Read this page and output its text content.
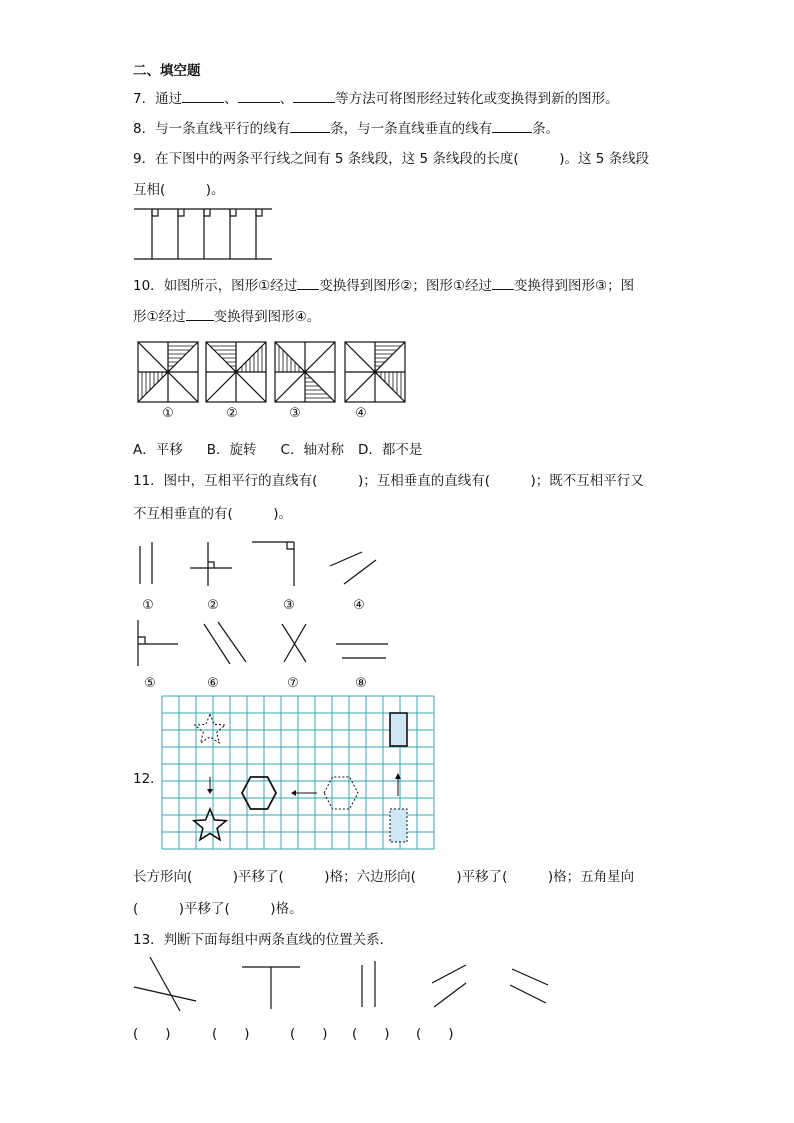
二、填空题
7．通过	、	、	等方法可将图形经过转化或变换得到新的图形。
8．与一条直线平行的线有	条，与一条直线垂直的线有	条。
9．在下图中的两条平行线之间有 5 条线段，这 5 条线段的长度(　　　)。这 5 条线段
互相(　　　)。
10．如图所示，图形①经过 变换得到图形②；图形①经过 变换得到图形③；图
形①经过 变换得到图形④。
①	②	③	④
A．平移 B．旋转 C．轴对称 D．都不是
11．图中，互相平行的直线有(　　　)；互相垂直的直线有(　　　)；既不互相平行又
不互相垂直的有(　　　)。
①	②	③	④
⑤	⑥	⑦	⑧
12．
长方形向(　　　)平移了(　　　)格；六边形向(　　　)平移了(　　　)格；五角星向
(　　　)平移了(　　　)格。
13．判断下面每组中两条直线的位置关系．
(　　)	(　　)	(　　) (　　) (　　)
